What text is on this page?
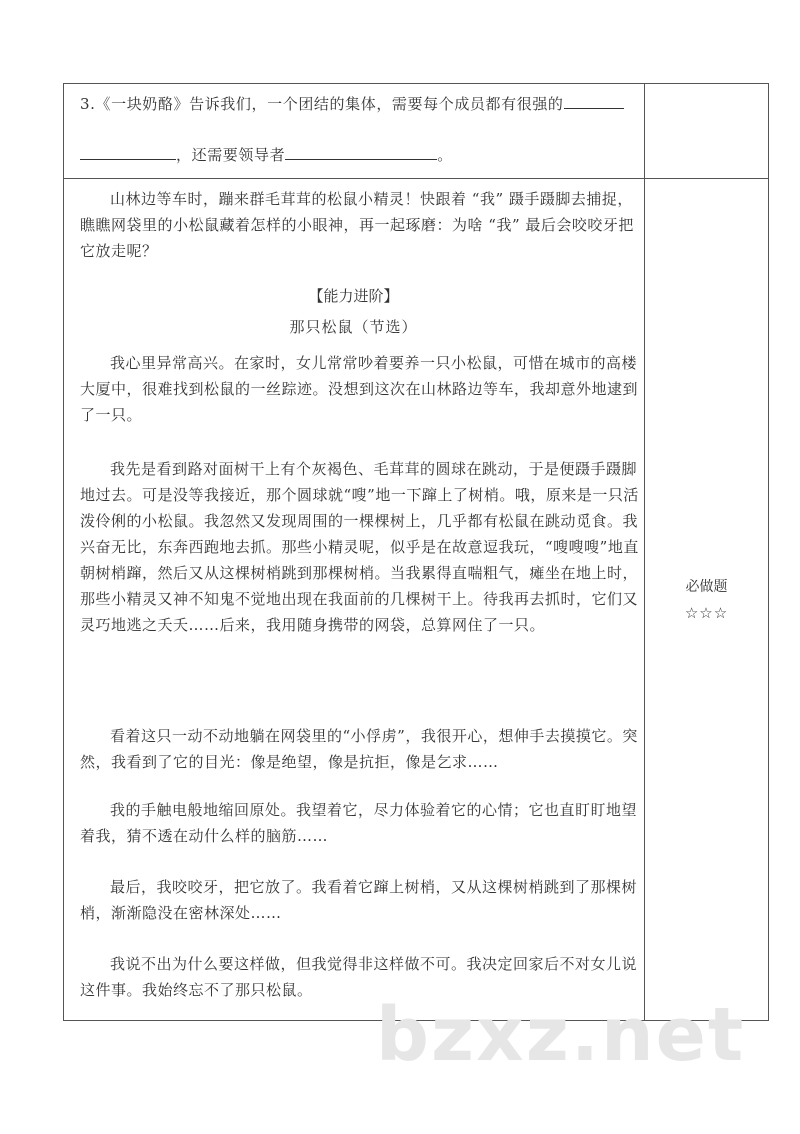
3.《一块奶酪》告诉我们，一个团结的集体，需要每个成员都有很强的
，还需要领导者	。

山林边等车时，蹦来群毛茸茸的松鼠小精灵！快跟着 “我” 蹑手蹑脚去捕捉，瞧瞧网袋里的小松鼠藏着怎样的小眼神，再一起琢磨：为啥 “我” 最后会咬咬牙把它放走呢？

【能力进阶】
那只松鼠（节选）

我心里异常高兴。在家时，女儿常常吵着要养一只小松鼠，可惜在城市的高楼大厦中，很难找到松鼠的一丝踪迹。没想到这次在山林路边等车，我却意外地逮到了一只。

我先是看到路对面树干上有个灰褐色、毛茸茸的圆球在跳动，于是便蹑手蹑脚地过去。可是没等我接近，那个圆球就“嗖”地一下蹿上了树梢。哦，原来是一只活泼伶俐的小松鼠。我忽然又发现周围的一棵棵树上，几乎都有松鼠在跳动觅食。我兴奋无比，东奔西跑地去抓。那些小精灵呢，似乎是在故意逗我玩，“嗖嗖嗖”地直朝树梢蹿，然后又从这棵树梢跳到那棵树梢。当我累得直喘粗气，瘫坐在地上时，那些小精灵又神不知鬼不觉地出现在我面前的几棵树干上。待我再去抓时，它们又灵巧地逃之夭夭……后来，我用随身携带的网袋，总算网住了一只。

看着这只一动不动地躺在网袋里的“小俘虏”，我很开心，想伸手去摸摸它。突然，我看到了它的目光：像是绝望，像是抗拒，像是乞求……

我的手触电般地缩回原处。我望着它，尽力体验着它的心情；它也直盯盯地望着我，猜不透在动什么样的脑筋……

最后，我咬咬牙，把它放了。我看着它蹿上树梢，又从这棵树梢跳到了那棵树梢，渐渐隐没在密林深处……

我说不出为什么要这样做，但我觉得非这样做不可。我决定回家后不对女儿说这件事。我始终忘不了那只松鼠。

必做题
☆☆☆
bzxz.net
